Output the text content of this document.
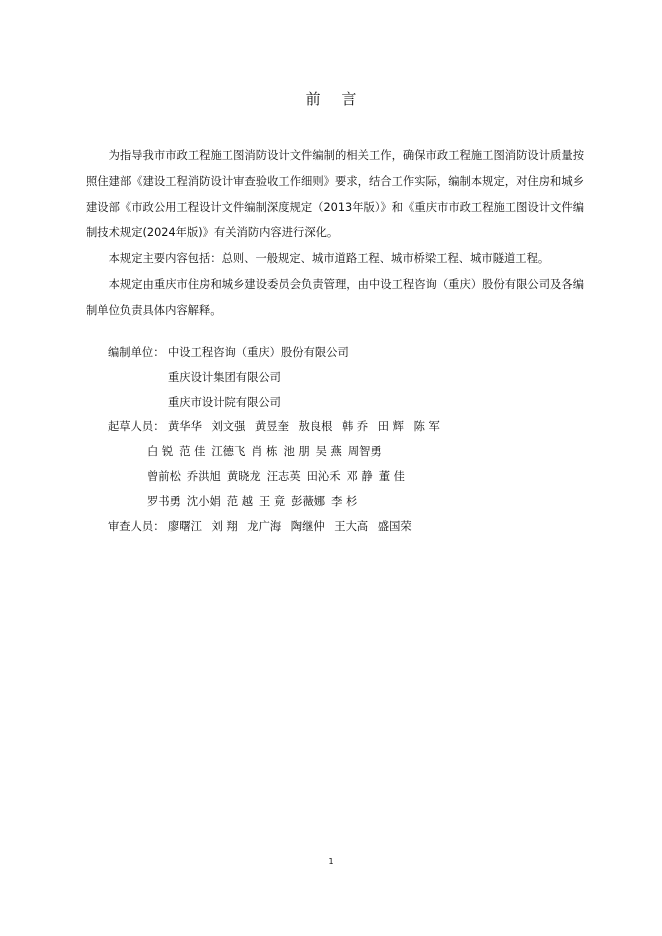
前 言

为指导我市市政工程施工图消防设计文件编制的相关工作，确保市政工程施工图消防设计质量按照住建部《建设工程消防设计审查验收工作细则》要求，结合工作实际，编制本规定，对住房和城乡建设部《市政公用工程设计文件编制深度规定（2013年版）》和《重庆市市政工程施工图设计文件编制技术规定(2024年版)》有关消防内容进行深化。

本规定主要内容包括：总则、一般规定、城市道路工程、城市桥梁工程、城市隧道工程。

本规定由重庆市住房和城乡建设委员会负责管理，由中设工程咨询（重庆）股份有限公司及各编制单位负责具体内容解释。

编制单位： 中设工程咨询（重庆）股份有限公司
重庆设计集团有限公司
重庆市设计院有限公司
起草人员： 黄华华 刘文强 黄昱奎 敖良根 韩 乔 田 辉 陈 军
白 锐 范 佳 江德飞 肖 栋 池 朋 吴 燕 周智勇
曾前松 乔洪旭 黄晓龙 汪志英 田沁禾 邓 静 董 佳
罗书勇 沈小娟 范 越 王 竟 彭薇娜 李 杉
审查人员： 廖曙江 刘 翔 龙广海 陶继仲 王大高 盛国荣
1
